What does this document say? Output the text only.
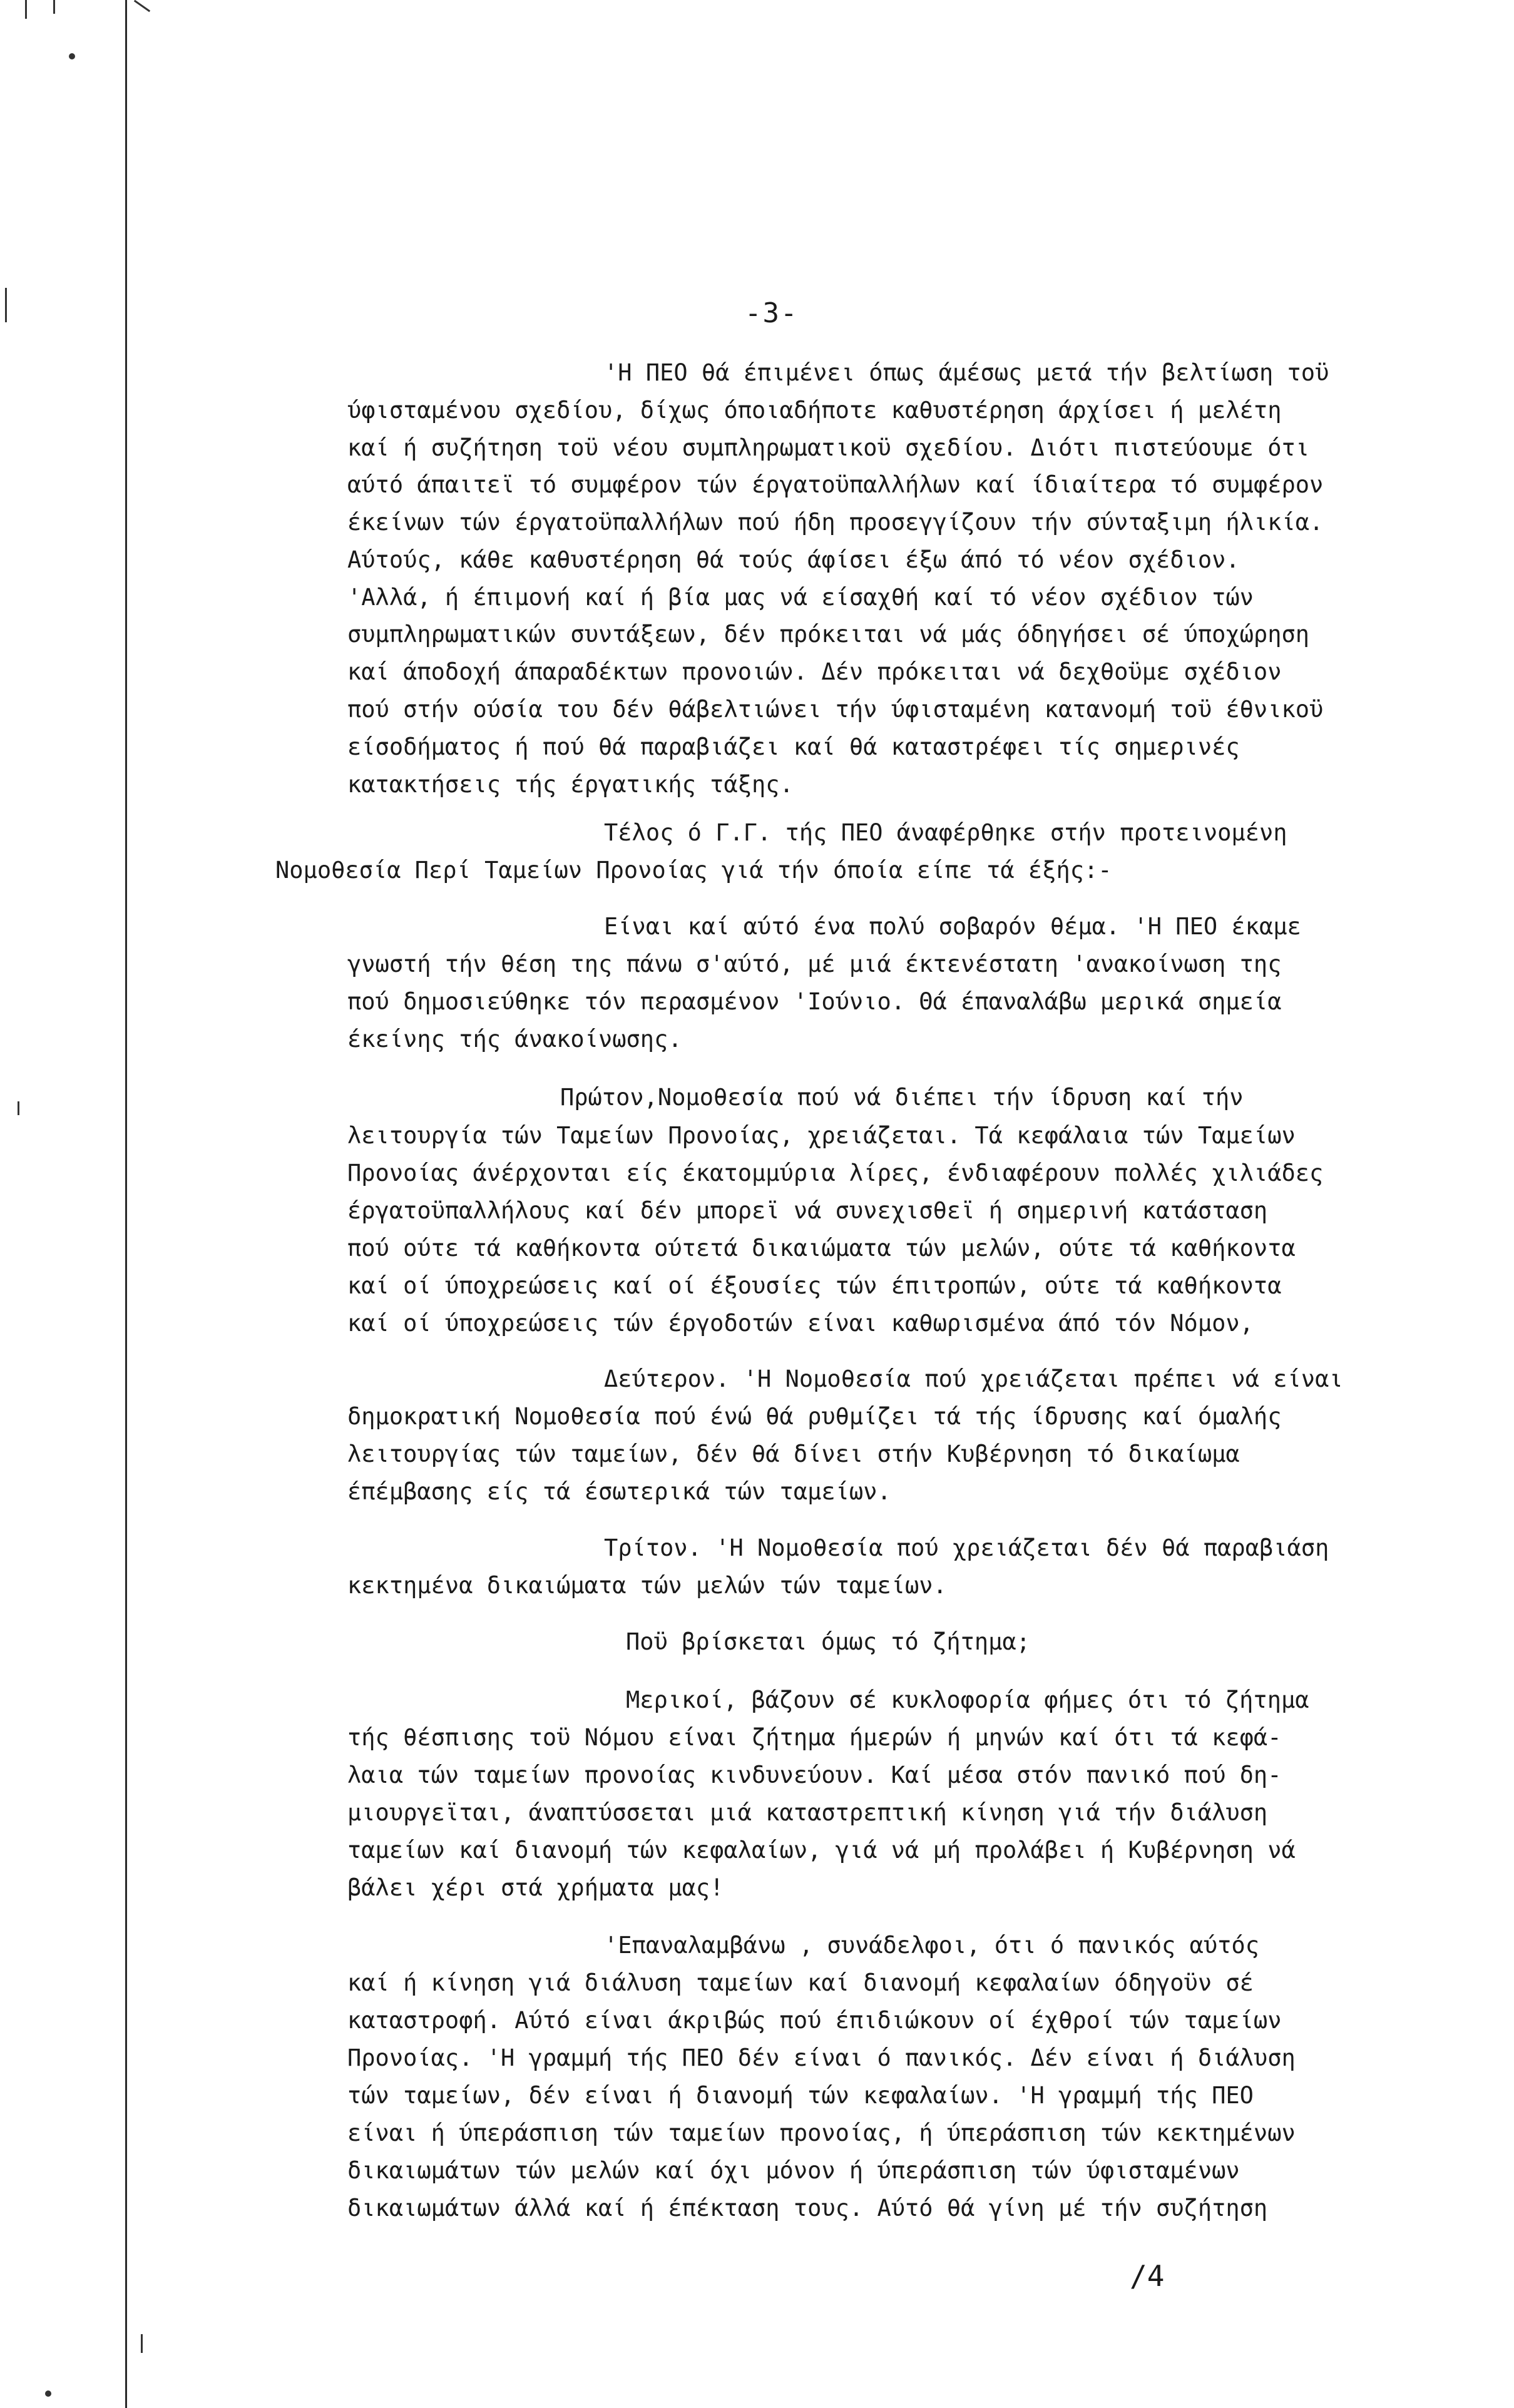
-3-
'Η ΠΕΟ θά έπιμένει όπως άμέσως μετά τήν βελτίωση τοϋ
ύφισταμένου σχεδίου, δίχως όποιαδήποτε καθυστέρηση άρχίσει ή μελέτη
καί ή συζήτηση τοϋ νέου συμπληρωματικοϋ σχεδίου. Διότι πιστεύουμε ότι
αύτό άπαιτεϊ τό συμφέρον τών έργατοϋπαλλήλων καί ίδιαίτερα τό συμφέρον
έκείνων τών έργατοϋπαλλήλων πού ήδη προσεγγίζουν τήν σύνταξιμη ήλικία.
Αύτούς, κάθε καθυστέρηση θά τούς άφίσει έξω άπό τό νέον σχέδιον.
'Αλλά, ή έπιμονή καί ή βία μας νά είσαχθή καί τό νέον σχέδιον τών
συμπληρωματικών συντάξεων, δέν πρόκειται νά μάς όδηγήσει σέ ύποχώρηση
καί άποδοχή άπαραδέκτων προνοιών. Δέν πρόκειται νά δεχθοϋμε σχέδιον
πού στήν ούσία του δέν θάβελτιώνει τήν ύφισταμένη κατανομή τοϋ έθνικοϋ
είσοδήματος ή πού θά παραβιάζει καί θά καταστρέφει τίς σημερινές
κατακτήσεις τής έργατικής τάξης.
Τέλος ό Γ.Γ. τής ΠΕΟ άναφέρθηκε στήν προτεινομένη
Νομοθεσία Περί Ταμείων Προνοίας γιά τήν όποία είπε τά έξής:-
Είναι καί αύτό ένα πολύ σοβαρόν θέμα. 'Η ΠΕΟ έκαμε
γνωστή τήν θέση της πάνω σ'αύτό, μέ μιά έκτενέστατη 'ανακοίνωση της
πού δημοσιεύθηκε τόν περασμένον 'Ιούνιο. Θά έπαναλάβω μερικά σημεία
έκείνης τής άνακοίνωσης.
Πρώτον,Νομοθεσία πού νά διέπει τήν ίδρυση καί τήν
λειτουργία τών Ταμείων Προνοίας, χρειάζεται. Τά κεφάλαια τών Ταμείων
Προνοίας άνέρχονται είς έκατομμύρια λίρες, ένδιαφέρουν πολλές χιλιάδες
έργατοϋπαλλήλους καί δέν μπορεϊ νά συνεχισθεϊ ή σημερινή κατάσταση
πού ούτε τά καθήκοντα ούτετά δικαιώματα τών μελών, ούτε τά καθήκοντα
καί οί ύποχρεώσεις καί οί έξουσίες τών έπιτροπών, ούτε τά καθήκοντα
καί οί ύποχρεώσεις τών έργοδοτών είναι καθωρισμένα άπό τόν Νόμον,
Δεύτερον. 'Η Νομοθεσία πού χρειάζεται πρέπει νά είναι
δημοκρατική Νομοθεσία πού ένώ θά ρυθμίζει τά τής ίδρυσης καί όμαλής
λειτουργίας τών ταμείων, δέν θά δίνει στήν Κυβέρνηση τό δικαίωμα
έπέμβασης είς τά έσωτερικά τών ταμείων.
Τρίτον. 'Η Νομοθεσία πού χρειάζεται δέν θά παραβιάση
κεκτημένα δικαιώματα τών μελών τών ταμείων.
Ποϋ βρίσκεται όμως τό ζήτημα;
Μερικοί, βάζουν σέ κυκλοφορία φήμες ότι τό ζήτημα
τής θέσπισης τοϋ Νόμου είναι ζήτημα ήμερών ή μηνών καί ότι τά κεφά-
λαια τών ταμείων προνοίας κινδυνεύουν. Καί μέσα στόν πανικό πού δη-
μιουργεϊται, άναπτύσσεται μιά καταστρεπτική κίνηση γιά τήν διάλυση
ταμείων καί διανομή τών κεφαλαίων, γιά νά μή προλάβει ή Κυβέρνηση νά
βάλει χέρι στά χρήματα μας!
'Επαναλαμβάνω , συνάδελφοι, ότι ό πανικός αύτός
καί ή κίνηση γιά διάλυση ταμείων καί διανομή κεφαλαίων όδηγοϋν σέ
καταστροφή. Αύτό είναι άκριβώς πού έπιδιώκουν οί έχθροί τών ταμείων
Προνοίας. 'Η γραμμή τής ΠΕΟ δέν είναι ό πανικός. Δέν είναι ή διάλυση
τών ταμείων, δέν είναι ή διανομή τών κεφαλαίων. 'Η γραμμή τής ΠΕΟ
είναι ή ύπεράσπιση τών ταμείων προνοίας, ή ύπεράσπιση τών κεκτημένων
δικαιωμάτων τών μελών καί όχι μόνον ή ύπεράσπιση τών ύφισταμένων
δικαιωμάτων άλλά καί ή έπέκταση τους. Αύτό θά γίνη μέ τήν συζήτηση
/4
